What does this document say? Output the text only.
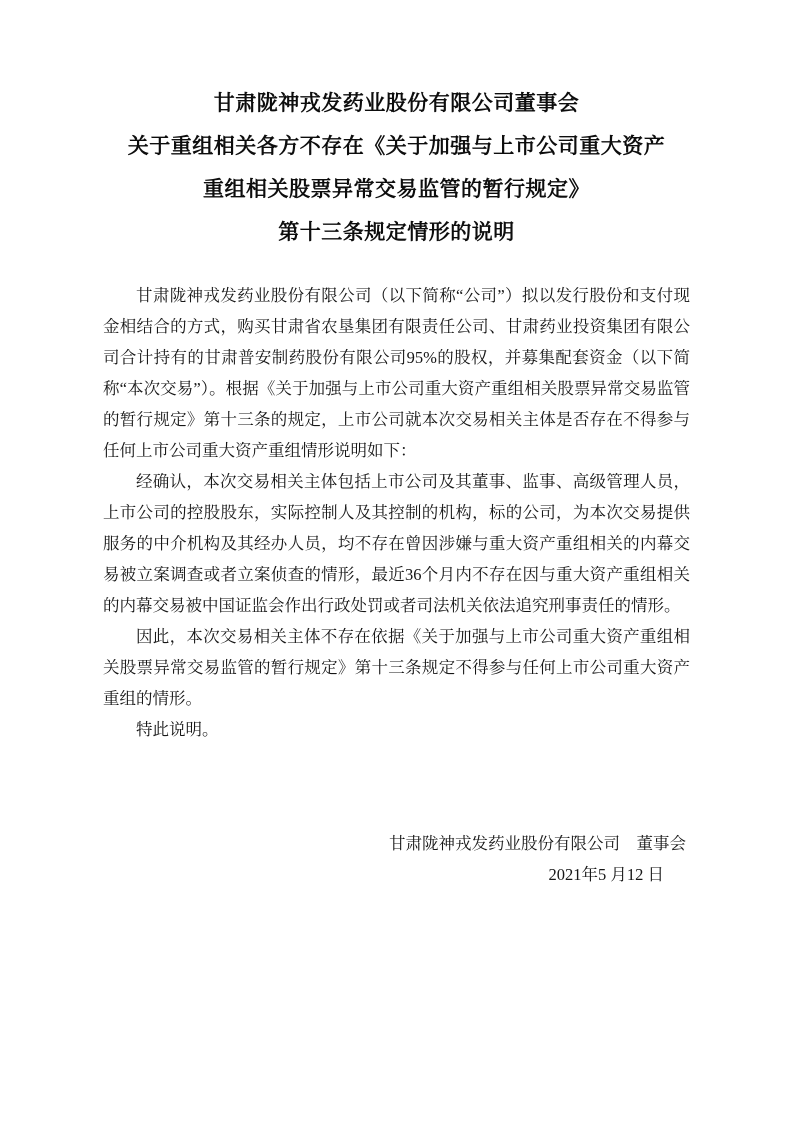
甘肃陇神戎发药业股份有限公司董事会
关于重组相关各方不存在《关于加强与上市公司重大资产
重组相关股票异常交易监管的暂行规定》
第十三条规定情形的说明

甘肃陇神戎发药业股份有限公司（以下简称“公司”）拟以发行股份和支付现金相结合的方式，购买甘肃省农垦集团有限责任公司、甘肃药业投资集团有限公司合计持有的甘肃普安制药股份有限公司95%的股权，并募集配套资金（以下简称“本次交易”）。根据《关于加强与上市公司重大资产重组相关股票异常交易监管的暂行规定》第十三条的规定，上市公司就本次交易相关主体是否存在不得参与任何上市公司重大资产重组情形说明如下：

经确认，本次交易相关主体包括上市公司及其董事、监事、高级管理人员，上市公司的控股股东，实际控制人及其控制的机构，标的公司，为本次交易提供服务的中介机构及其经办人员，均不存在曾因涉嫌与重大资产重组相关的内幕交易被立案调查或者立案侦查的情形，最近36个月内不存在因与重大资产重组相关的内幕交易被中国证监会作出行政处罚或者司法机关依法追究刑事责任的情形。

因此，本次交易相关主体不存在依据《关于加强与上市公司重大资产重组相关股票异常交易监管的暂行规定》第十三条规定不得参与任何上市公司重大资产重组的情形。

特此说明。

甘肃陇神戎发药业股份有限公司　董事会
2021年5 月12 日
